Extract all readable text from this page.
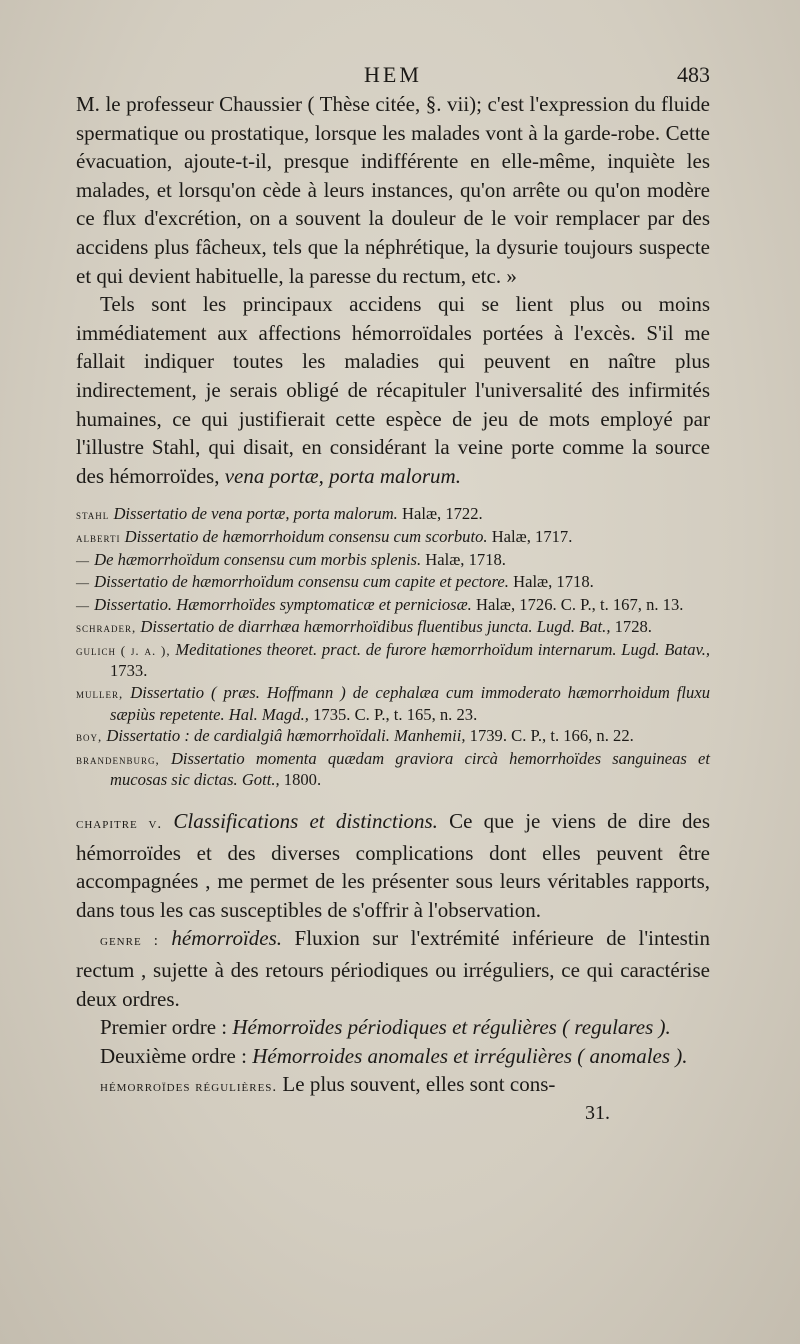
HEM	483

M. le professeur Chaussier ( Thèse citée, §. vii); c'est l'expression du fluide spermatique ou prostatique, lorsque les malades vont à la garde-robe. Cette évacuation, ajoute-t-il, presque indifférente en elle-même, inquiète les malades, et lorsqu'on cède à leurs instances, qu'on arrête ou qu'on modère ce flux d'excrétion, on a souvent la douleur de le voir remplacer par des accidens plus fâcheux, tels que la néphrétique, la dysurie toujours suspecte et qui devient habituelle, la paresse du rectum, etc. »

Tels sont les principaux accidens qui se lient plus ou moins immédiatement aux affections hémorroïdales portées à l'excès. S'il me fallait indiquer toutes les maladies qui peuvent en naître plus indirectement, je serais obligé de récapituler l'universalité des infirmités humaines, ce qui justifierait cette espèce de jeu de mots employé par l'illustre Stahl, qui disait, en considérant la veine porte comme la source des hémorroïdes, vena portæ, porta malorum.

stahl Dissertatio de vena portæ, porta malorum. Halæ, 1722.

alberti Dissertatio de hæmorrhoidum consensu cum scorbuto. Halæ, 1717.

— De hæmorrhoïdum consensu cum morbis splenis. Halæ, 1718.

— Dissertatio de hæmorrhoïdum consensu cum capite et pectore. Halæ, 1718.

— Dissertatio. Hæmorrhoïdes symptomaticæ et perniciosæ. Halæ, 1726. C. P., t. 167, n. 13.

schrader, Dissertatio de diarrhæa hæmorrhoïdibus fluentibus juncta. Lugd. Bat., 1728.

gulich ( j. a. ), Meditationes theoret. pract. de furore hæmorrhoïdum internarum. Lugd. Batav., 1733.

muller, Dissertatio ( præs. Hoffmann ) de cephalæa cum immoderato hæmorrhoidum fluxu sæpiùs repetente. Hal. Magd., 1735. C. P., t. 165, n. 23.

boy, Dissertatio : de cardialgiâ hæmorrhoïdali. Manhemii, 1739. C. P., t. 166, n. 22.

brandenburg, Dissertatio momenta quædam graviora circà hemorrhoïdes sanguineas et mucosas sic dictas. Gott., 1800.

chapitre v. Classifications et distinctions. Ce que je viens de dire des hémorroïdes et des diverses complications dont elles peuvent être accompagnées , me permet de les présenter sous leurs véritables rapports, dans tous les cas susceptibles de s'offrir à l'observation.

genre : hémorroïdes. Fluxion sur l'extrémité inférieure de l'intestin rectum , sujette à des retours périodiques ou irréguliers, ce qui caractérise deux ordres.

Premier ordre : Hémorroïdes périodiques et régulières ( regulares ).

Deuxième ordre : Hémorroides anomales et irrégulières ( anomales ).

hémorroïdes régulières. Le plus souvent, elles sont cons-

31.
